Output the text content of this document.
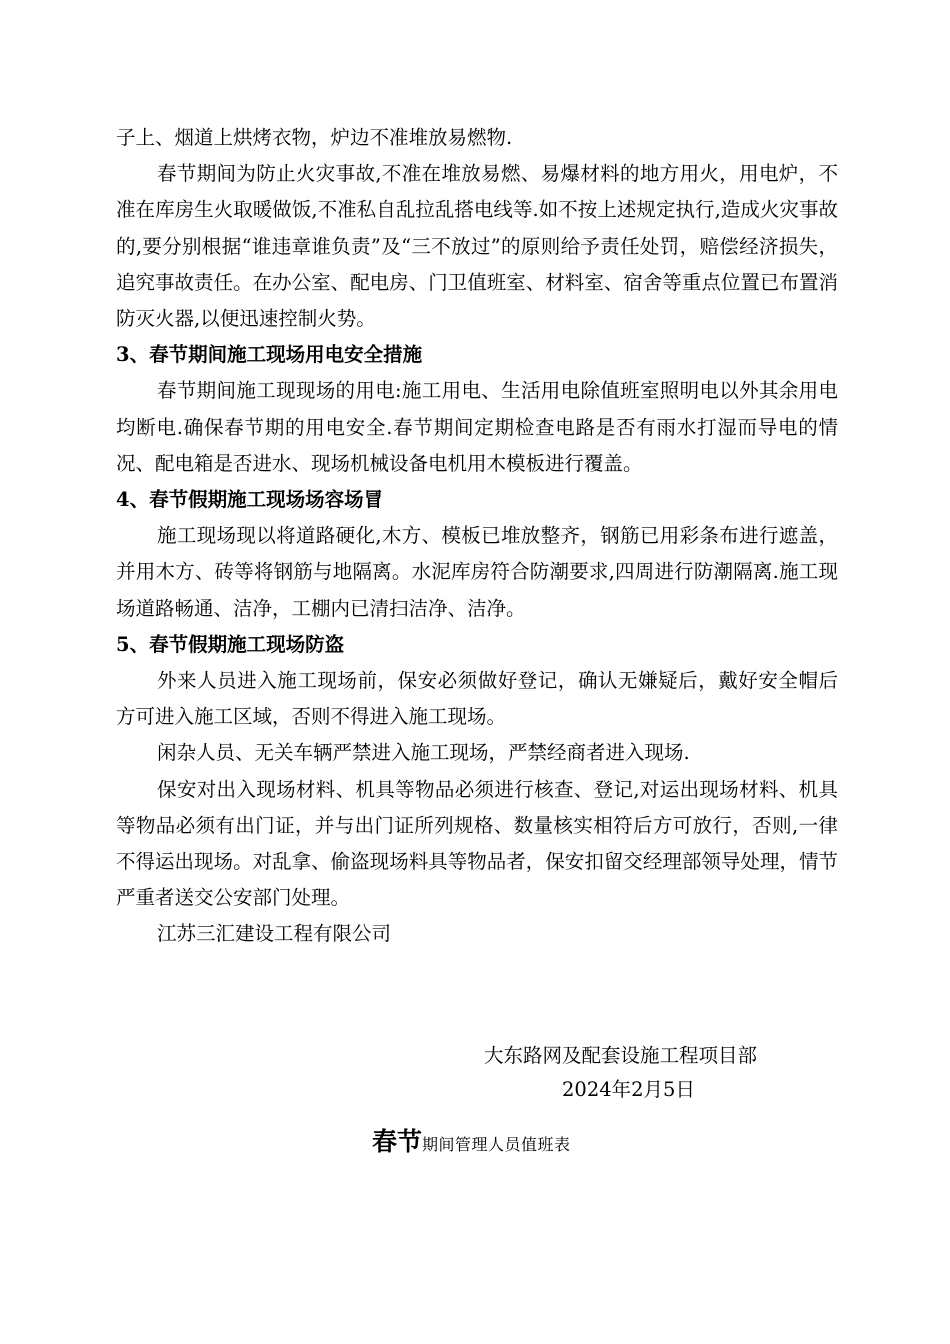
子上、烟道上烘烤衣物，炉边不准堆放易燃物.

春节期间为防止火灾事故,不准在堆放易燃、易爆材料的地方用火，用电炉，不准在库房生火取暖做饭,不准私自乱拉乱搭电线等.如不按上述规定执行,造成火灾事故的,要分别根据“谁违章谁负责”及“三不放过”的原则给予责任处罚，赔偿经济损失，追究事故责任。在办公室、配电房、门卫值班室、材料室、宿舍等重点位置已布置消防灭火器,以便迅速控制火势。

3、春节期间施工现场用电安全措施

春节期间施工现现场的用电:施工用电、生活用电除值班室照明电以外其余用电均断电.确保春节期的用电安全.春节期间定期检查电路是否有雨水打湿而导电的情况、配电箱是否进水、现场机械设备电机用木模板进行覆盖。

4、春节假期施工现场场容场冒

施工现场现以将道路硬化,木方、模板已堆放整齐，钢筋已用彩条布进行遮盖，并用木方、砖等将钢筋与地隔离。水泥库房符合防潮要求,四周进行防潮隔离.施工现场道路畅通、洁净，工棚内已清扫洁净、洁净。

5、春节假期施工现场防盗

外来人员进入施工现场前，保安必须做好登记，确认无嫌疑后，戴好安全帽后方可进入施工区域，否则不得进入施工现场。

闲杂人员、无关车辆严禁进入施工现场，严禁经商者进入现场.

保安对出入现场材料、机具等物品必须进行核查、登记,对运出现场材料、机具等物品必须有出门证，并与出门证所列规格、数量核实相符后方可放行，否则,一律不得运出现场。对乱拿、偷盗现场料具等物品者，保安扣留交经理部领导处理，情节严重者送交公安部门处理。

江苏三汇建设工程有限公司

大东路网及配套设施工程项目部
2024年2月5日
春节期间管理人员值班表
